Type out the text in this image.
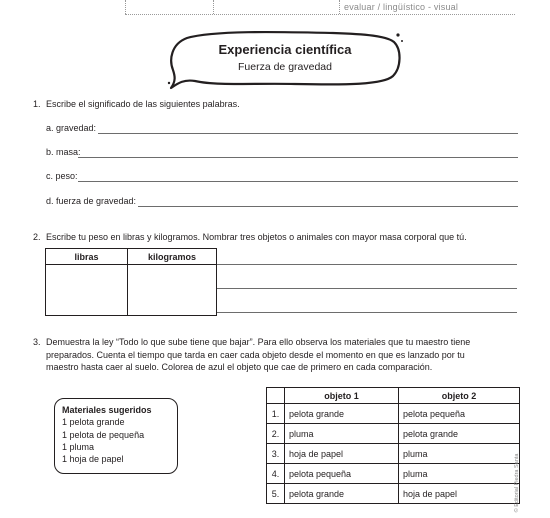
evaluar / lingüístico - visual
Experiencia científica
Fuerza de gravedad
1. Escribe el significado de las siguientes palabras.
a. gravedad:
b. masa:
c. peso:
d. fuerza de gravedad:
2. Escribe tu peso en libras y kilogramos. Nombrar tres objetos o animales con mayor masa corporal que tú.
libras	kilogramos
3. Demuestra la ley “Todo lo que sube tiene que bajar”. Para ello observa los materiales que tu maestro tiene
preparados. Cuenta el tiempo que tarda en caer cada objeto desde el momento en que es lanzado por tu
maestro hasta caer al suelo. Colorea de azul el objeto que cae de primero en cada comparación.
Materiales sugeridos
1 pelota grande
1 pelota de pequeña
1 pluma
1 hoja de papel
	objeto 1	objeto 2
1.	pelota grande	pelota pequeña
2.	pluma	pelota grande
3.	hoja de papel	pluma
4.	pelota pequeña	pluma
5.	pelota grande	hoja de papel	© Editorial Piedra Santa
